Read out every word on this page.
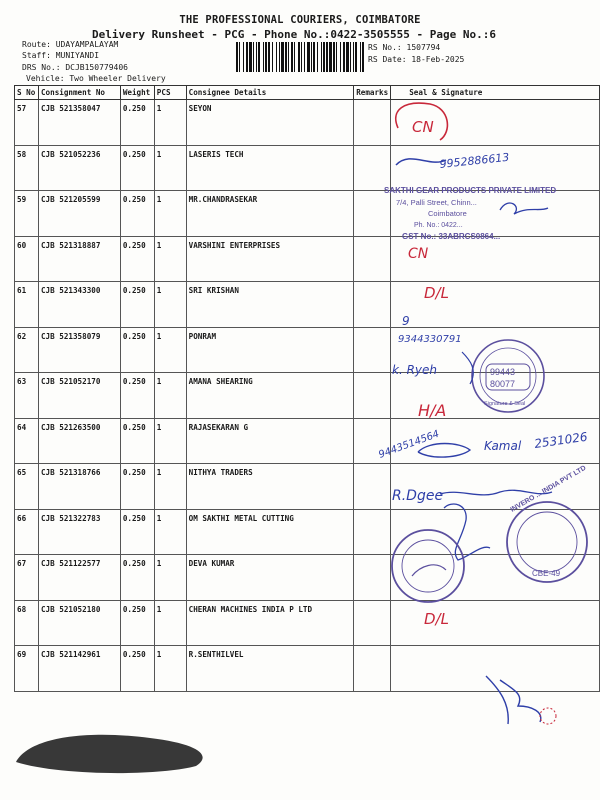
THE PROFESSIONAL COURIERS, COIMBATORE
Delivery Runsheet - PCG - Phone No.:0422-3505555 - Page No.:6
Route: UDAYAMPALAYAM
Staff: MUNIYANDI
DRS No.: DCJB150779406
Vehicle: Two Wheeler Delivery
RS No.: 1507794
RS Date: 18-Feb-2025
S No	Consignment No	Weight	PCS	Consignee Details	Remarks	Seal & Signature
57	CJB 521358047	0.250	1	SEYON		
58	CJB 521052236	0.250	1	LASERIS TECH		
59	CJB 521205599	0.250	1	MR.CHANDRASEKAR		
60	CJB 521318887	0.250	1	VARSHINI ENTERPRISES		
61	CJB 521343300	0.250	1	SRI KRISHAN		
62	CJB 521358079	0.250	1	PONRAM		
63	CJB 521052170	0.250	1	AMANA SHEARING		
64	CJB 521263500	0.250	1	RAJASEKARAN G		
65	CJB 521318766	0.250	1	NITHYA TRADERS		
66	CJB 521322783	0.250	1	OM SAKTHI METAL CUTTING		
67	CJB 521122577	0.250	1	DEVA KUMAR		
68	CJB 521052180	0.250	1	CHERAN MACHINES INDIA P LTD		
69	CJB 521142961	0.250	1	R.SENTHILVEL		
CN
9952886613
SAKTHI GEAR PRODUCTS PRIVATE LIMITED
7/4, Palli Street, Chinn...
Coimbatore
Ph. No.: 0422...
GST No.: 33ABRCS0864...
CN
D/L
9
9344330791
k. Ryeh	99443
80077
Signature & Seal
H/A
9443514564	Kamal 2531026
R.Dgee	INVERO ... INDIA PVT LTD
CBE-49
D/L
